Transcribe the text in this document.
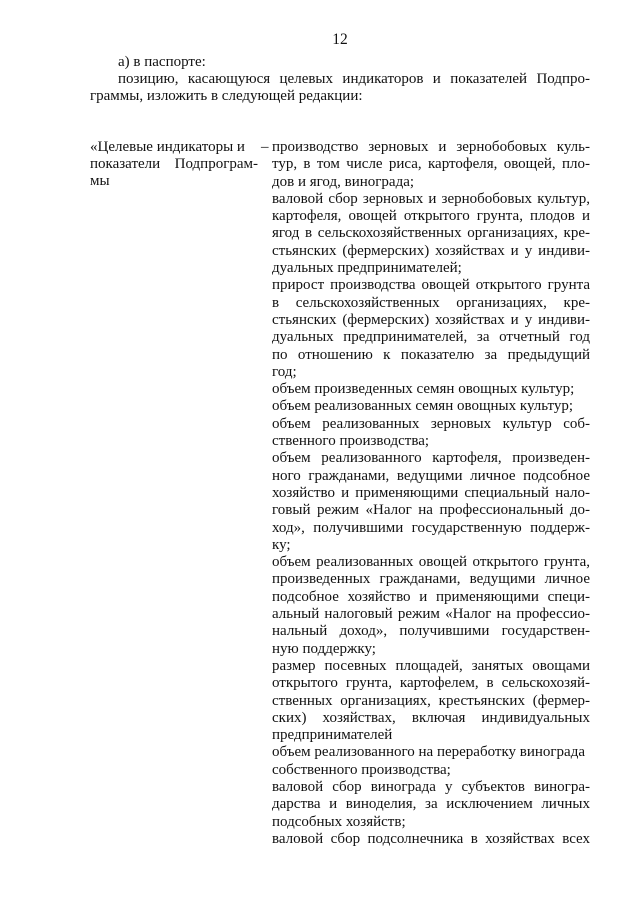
12
а) в паспорте:
позицию, касающуюся целевых индикаторов и показателей Подпро-
граммы, изложить в следующей редакции:
«Целевые индикаторы и
показатели Подпрограм-
мы
– производство зерновых и зернобобовых куль-
тур, в том числе риса, картофеля, овощей, пло-
дов и ягод, винограда;
валовой сбор зерновых и зернобобовых культур,
картофеля, овощей открытого грунта, плодов и
ягод в сельскохозяйственных организациях, кре-
стьянских (фермерских) хозяйствах и у индиви-
дуальных предпринимателей;
прирост производства овощей открытого грунта
в сельскохозяйственных организациях, кре-
стьянских (фермерских) хозяйствах и у индиви-
дуальных предпринимателей, за отчетный год
по отношению к показателю за предыдущий
год;
объем произведенных семян овощных культур;
объем реализованных семян овощных культур;
объем реализованных зерновых культур соб-
ственного производства;
объем реализованного картофеля, произведен-
ного гражданами, ведущими личное подсобное
хозяйство и применяющими специальный нало-
говый режим «Налог на профессиональный до-
ход», получившими государственную поддерж-
ку;
объем реализованных овощей открытого грунта,
произведенных гражданами, ведущими личное
подсобное хозяйство и применяющими специ-
альный налоговый режим «Налог на профессио-
нальный доход», получившими государствен-
ную поддержку;
размер посевных площадей, занятых овощами
открытого грунта, картофелем, в сельскохозяй-
ственных организациях, крестьянских (фермер-
ских) хозяйствах, включая индивидуальных
предпринимателей
объем реализованного на переработку винограда
собственного производства;
валовой сбор винограда у субъектов виногра-
дарства и виноделия, за исключением личных
подсобных хозяйств;
валовой сбор подсолнечника в хозяйствах всех
